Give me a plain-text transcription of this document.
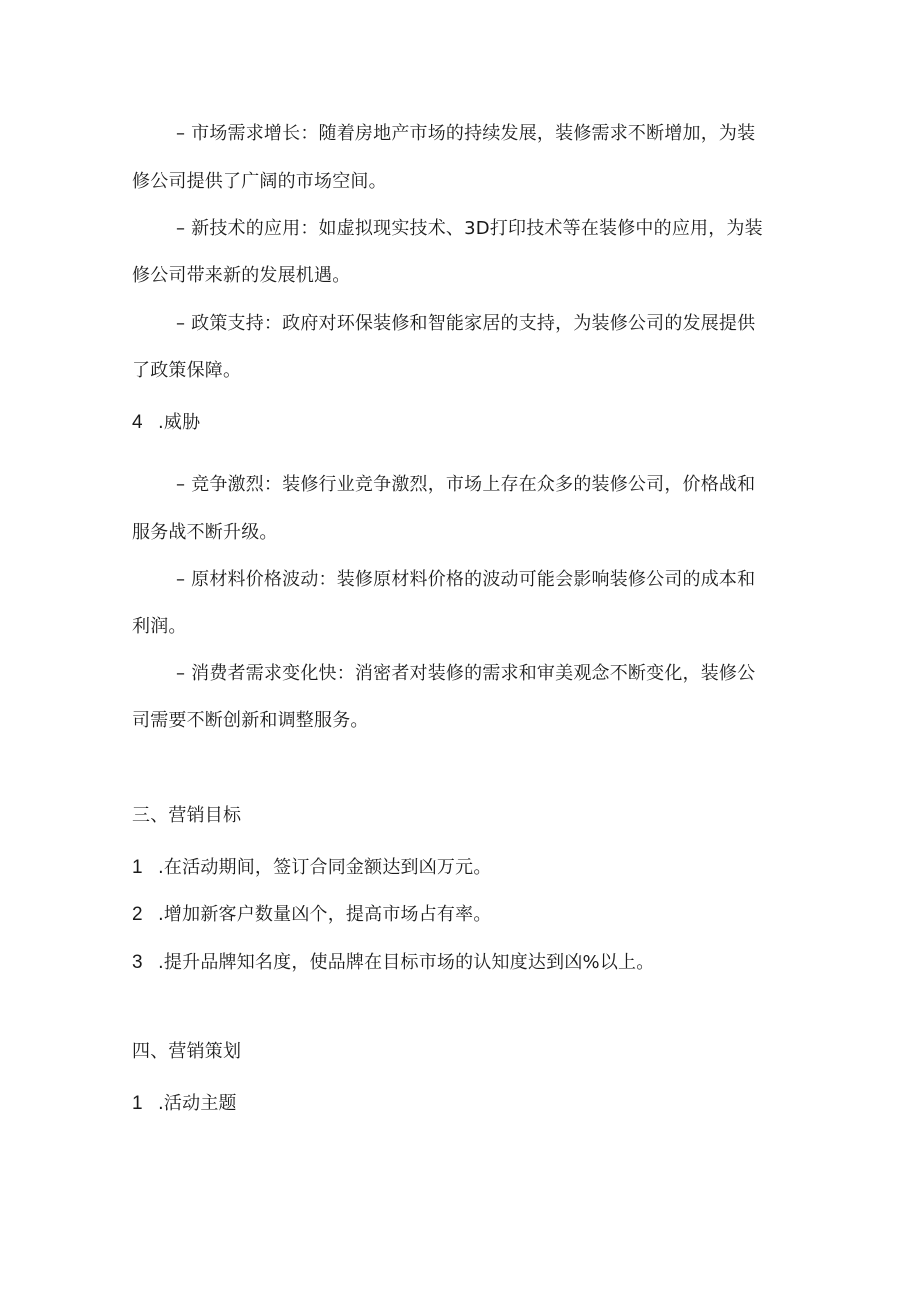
– 市场需求增长：随着房地产市场的持续发展，装修需求不断增加，为装
修公司提供了广阔的市场空间。
– 新技术的应用：如虚拟现实技术、3D打印技术等在装修中的应用，为装
修公司带来新的发展机遇。
– 政策支持：政府对环保装修和智能家居的支持，为装修公司的发展提供
了政策保障。
4 .威胁
– 竞争激烈：装修行业竞争激烈，市场上存在众多的装修公司，价格战和
服务战不断升级。
– 原材料价格波动：装修原材料价格的波动可能会影响装修公司的成本和
利润。
– 消费者需求变化快：消密者对装修的需求和审美观念不断变化，装修公
司需要不断创新和调整服务。
三、营销目标
1 .在活动期间，签订合同金额达到凶万元。
2 .增加新客户数量凶个，提高市场占有率。
3 .提升品牌知名度，使品牌在目标市场的认知度达到凶%以上。
四、营销策划
1 .活动主题
